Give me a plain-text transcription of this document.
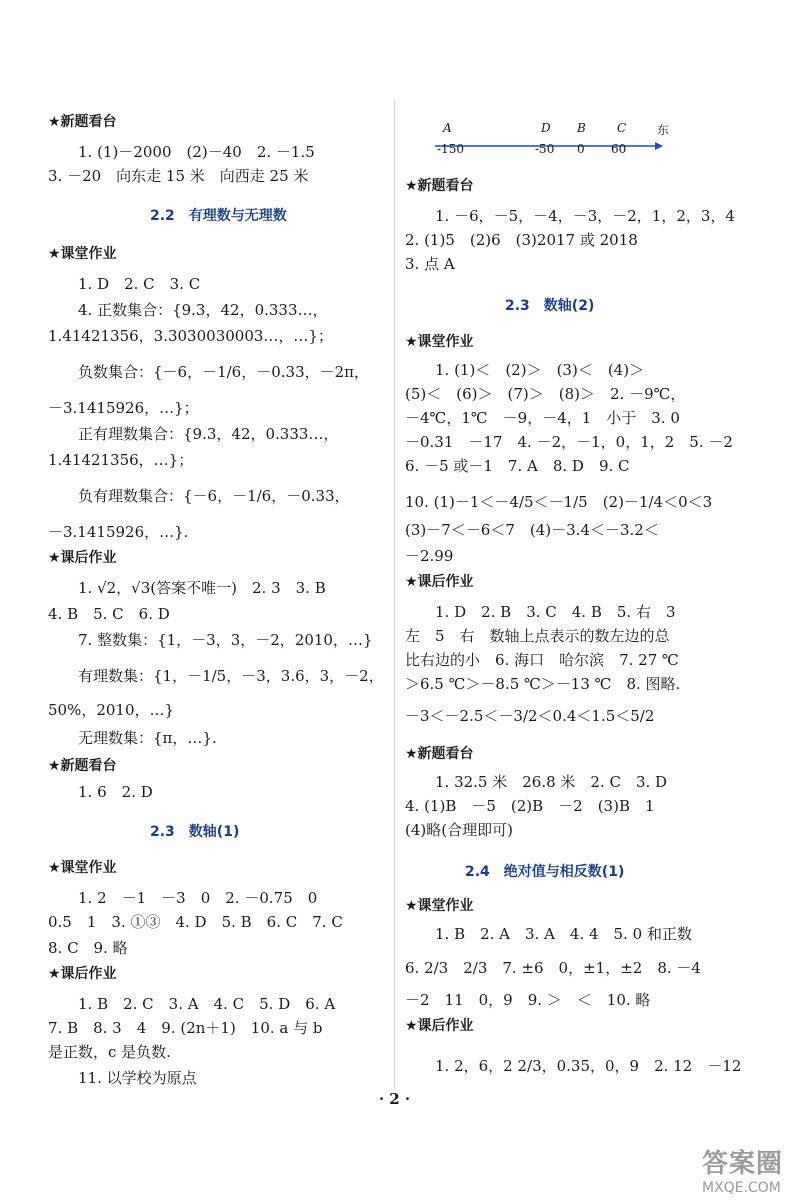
★新题看台
1. (1)－2000　(2)－40　2. －1.5
3. －20　向东走 15 米　向西走 25 米
2.2　有理数与无理数
★课堂作业
1. D　2. C　3. C
4. 正数集合：{9.3，42，0.333…，
1.41421356，3.3030030003…，…}；
负数集合：{－6，－1/6，－0.33，－2π，
－3.1415926，…}；
正有理数集合：{9.3，42，0.333…，
1.41421356，…}；
负有理数集合：{－6，－1/6，－0.33，
－3.1415926，…}.
★课后作业
1. √2，√3(答案不唯一)　2. 3　3. B
4. B　5. C　6. D
7. 整数集：{1，－3，3，－2，2010，…}
有理数集：{1，－1/5，－3，3.6，3，－2，
50%，2010，…}
无理数集：{π，…}.
★新题看台
1. 6　2. D
2.3　数轴(1)
★课堂作业
1. 2　－1　－3　0　2. －0.75　0
0.5　1　3. ①③　4. D　5. B　6. C　7. C
8. C　9. 略
★课后作业
1. B　2. C　3. A　4. C　5. D　6. A
7. B　8. 3　4　9. (2n＋1)　10. a 与 b
是正数，c 是负数.
11. 以学校为原点
A	D B	C	东
-150	-50 0 60
★新题看台
1. －6，－5，－4，－3，－2，1，2，3，4
2. (1)5　(2)6　(3)2017 或 2018
3. 点 A
2.3　数轴(2)
★课堂作业
1. (1)＜　(2)＞　(3)＜　(4)＞
(5)＜　(6)＞　(7)＞　(8)＞　2. －9℃，
－4℃，1℃　－9，－4，1　小于　3. 0
－0.31　－17　4. －2，－1，0，1，2　5. －2
6. －5 或－1　7. A　8. D　9. C
10. (1)－1＜－4/5＜－1/5　(2)－1/4＜0＜3
(3)－7＜－6＜7　(4)－3.4＜－3.2＜
－2.99
★课后作业
1. D　2. B　3. C　4. B　5. 右　3
左　5　右　数轴上点表示的数左边的总
比右边的小　6. 海口　哈尔滨　7. 27 ℃
＞6.5 ℃＞－8.5 ℃＞－13 ℃　8. 图略.
－3＜－2.5＜－3/2＜0.4＜1.5＜5/2
★新题看台
1. 32.5 米　26.8 米　2. C　3. D
4. (1)B　－5　(2)B　－2　(3)B　1
(4)略(合理即可)
2.4　绝对值与相反数(1)
★课堂作业
1. B　2. A　3. A　4. 4　5. 0 和正数
6. 2/3　2/3　7. ±6　0，±1，±2　8. －4
－2　11　0，9　9. ＞　＜　10. 略
★课后作业
1. 2，6，2 2/3，0.35，0，9　2. 12　－12
· 2 ·
答案圈
MXQE.COM
